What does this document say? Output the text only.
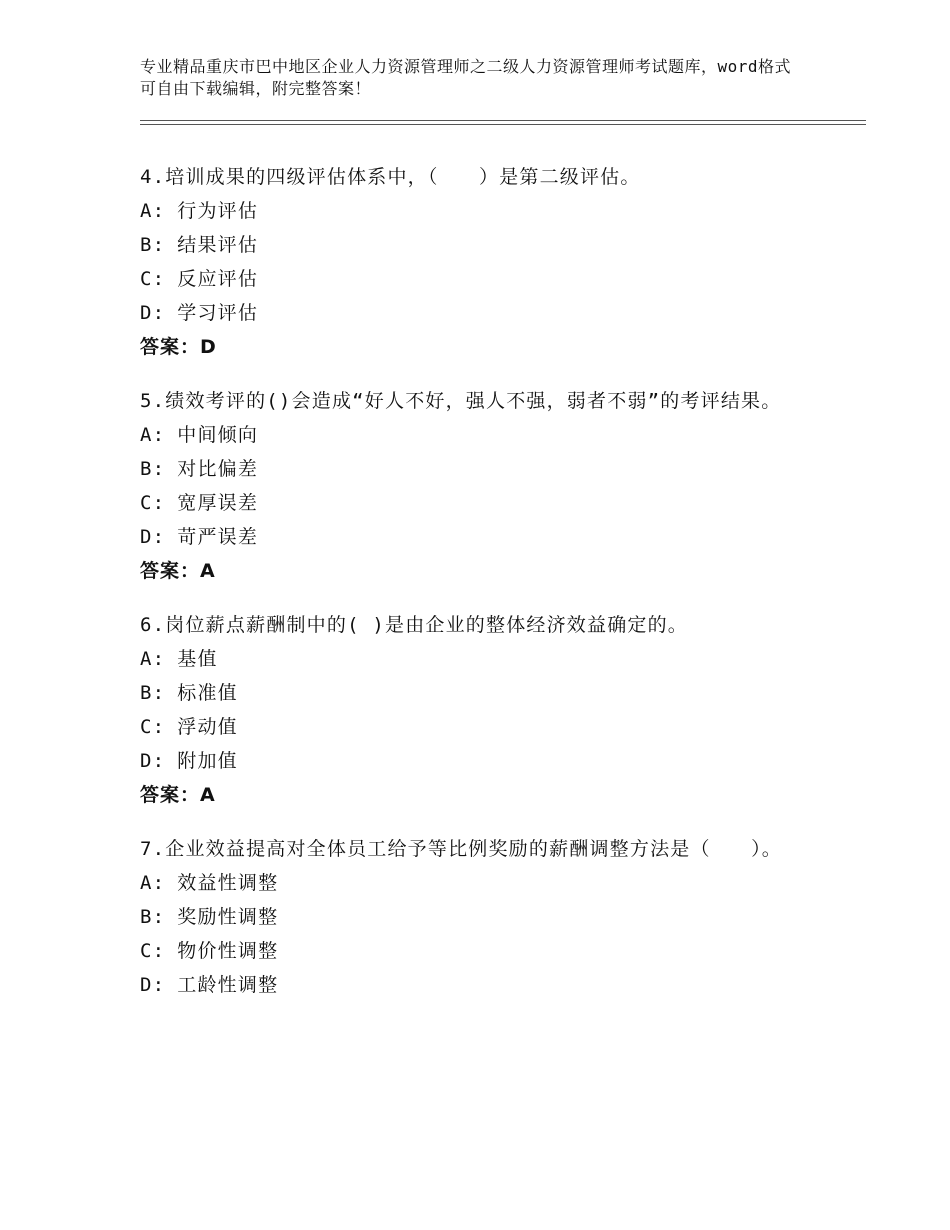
专业精品重庆市巴中地区企业人力资源管理师之二级人力资源管理师考试题库，word格式可自由下载编辑，附完整答案！
4.培训成果的四级评估体系中，（　　）是第二级评估。
A: 行为评估
B: 结果评估
C: 反应评估
D: 学习评估
答案：D
5.绩效考评的()会造成“好人不好，强人不强，弱者不弱”的考评结果。
A: 中间倾向
B: 对比偏差
C: 宽厚误差
D: 苛严误差
答案：A
6.岗位薪点薪酬制中的( )是由企业的整体经济效益确定的。
A: 基值
B: 标准值
C: 浮动值
D: 附加值
答案：A
7.企业效益提高对全体员工给予等比例奖励的薪酬调整方法是（　　）。
A: 效益性调整
B: 奖励性调整
C: 物价性调整
D: 工龄性调整
